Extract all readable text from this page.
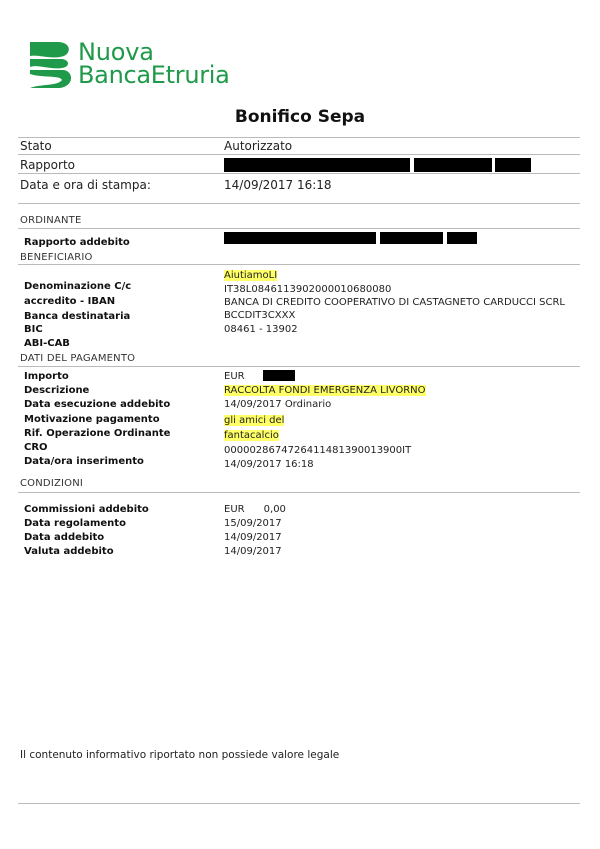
Nuova
BancaEtruria
Bonifico Sepa
Stato	Autorizzato
Rapporto
Data e ora di stampa:	14/09/2017 16:18
ORDINANTE
Rapporto addebito
BENEFICIARIO
Denominazione C/c
accredito - IBAN
Banca destinataria
BIC
ABI-CAB
AiutiamoLI
IT38L0846113902000010680080
BANCA DI CREDITO COOPERATIVO DI CASTAGNETO CARDUCCI SCRL
BCCDIT3CXXX
08461 - 13902
DATI DEL PAGAMENTO
Importo
Descrizione
Data esecuzione addebito
Motivazione pagamento
Rif. Operazione Ordinante
CRO
Data/ora inserimento
EUR
RACCOLTA FONDI EMERGENZA LIVORNO
14/09/2017 Ordinario
gli amici del
fantacalcio
0000028674726411481390013900IT
14/09/2017 16:18
CONDIZIONI
Commissioni addebito
Data regolamento
Data addebito
Valuta addebito
EUR      0,00
15/09/2017
14/09/2017
14/09/2017
Il contenuto informativo riportato non possiede valore legale
